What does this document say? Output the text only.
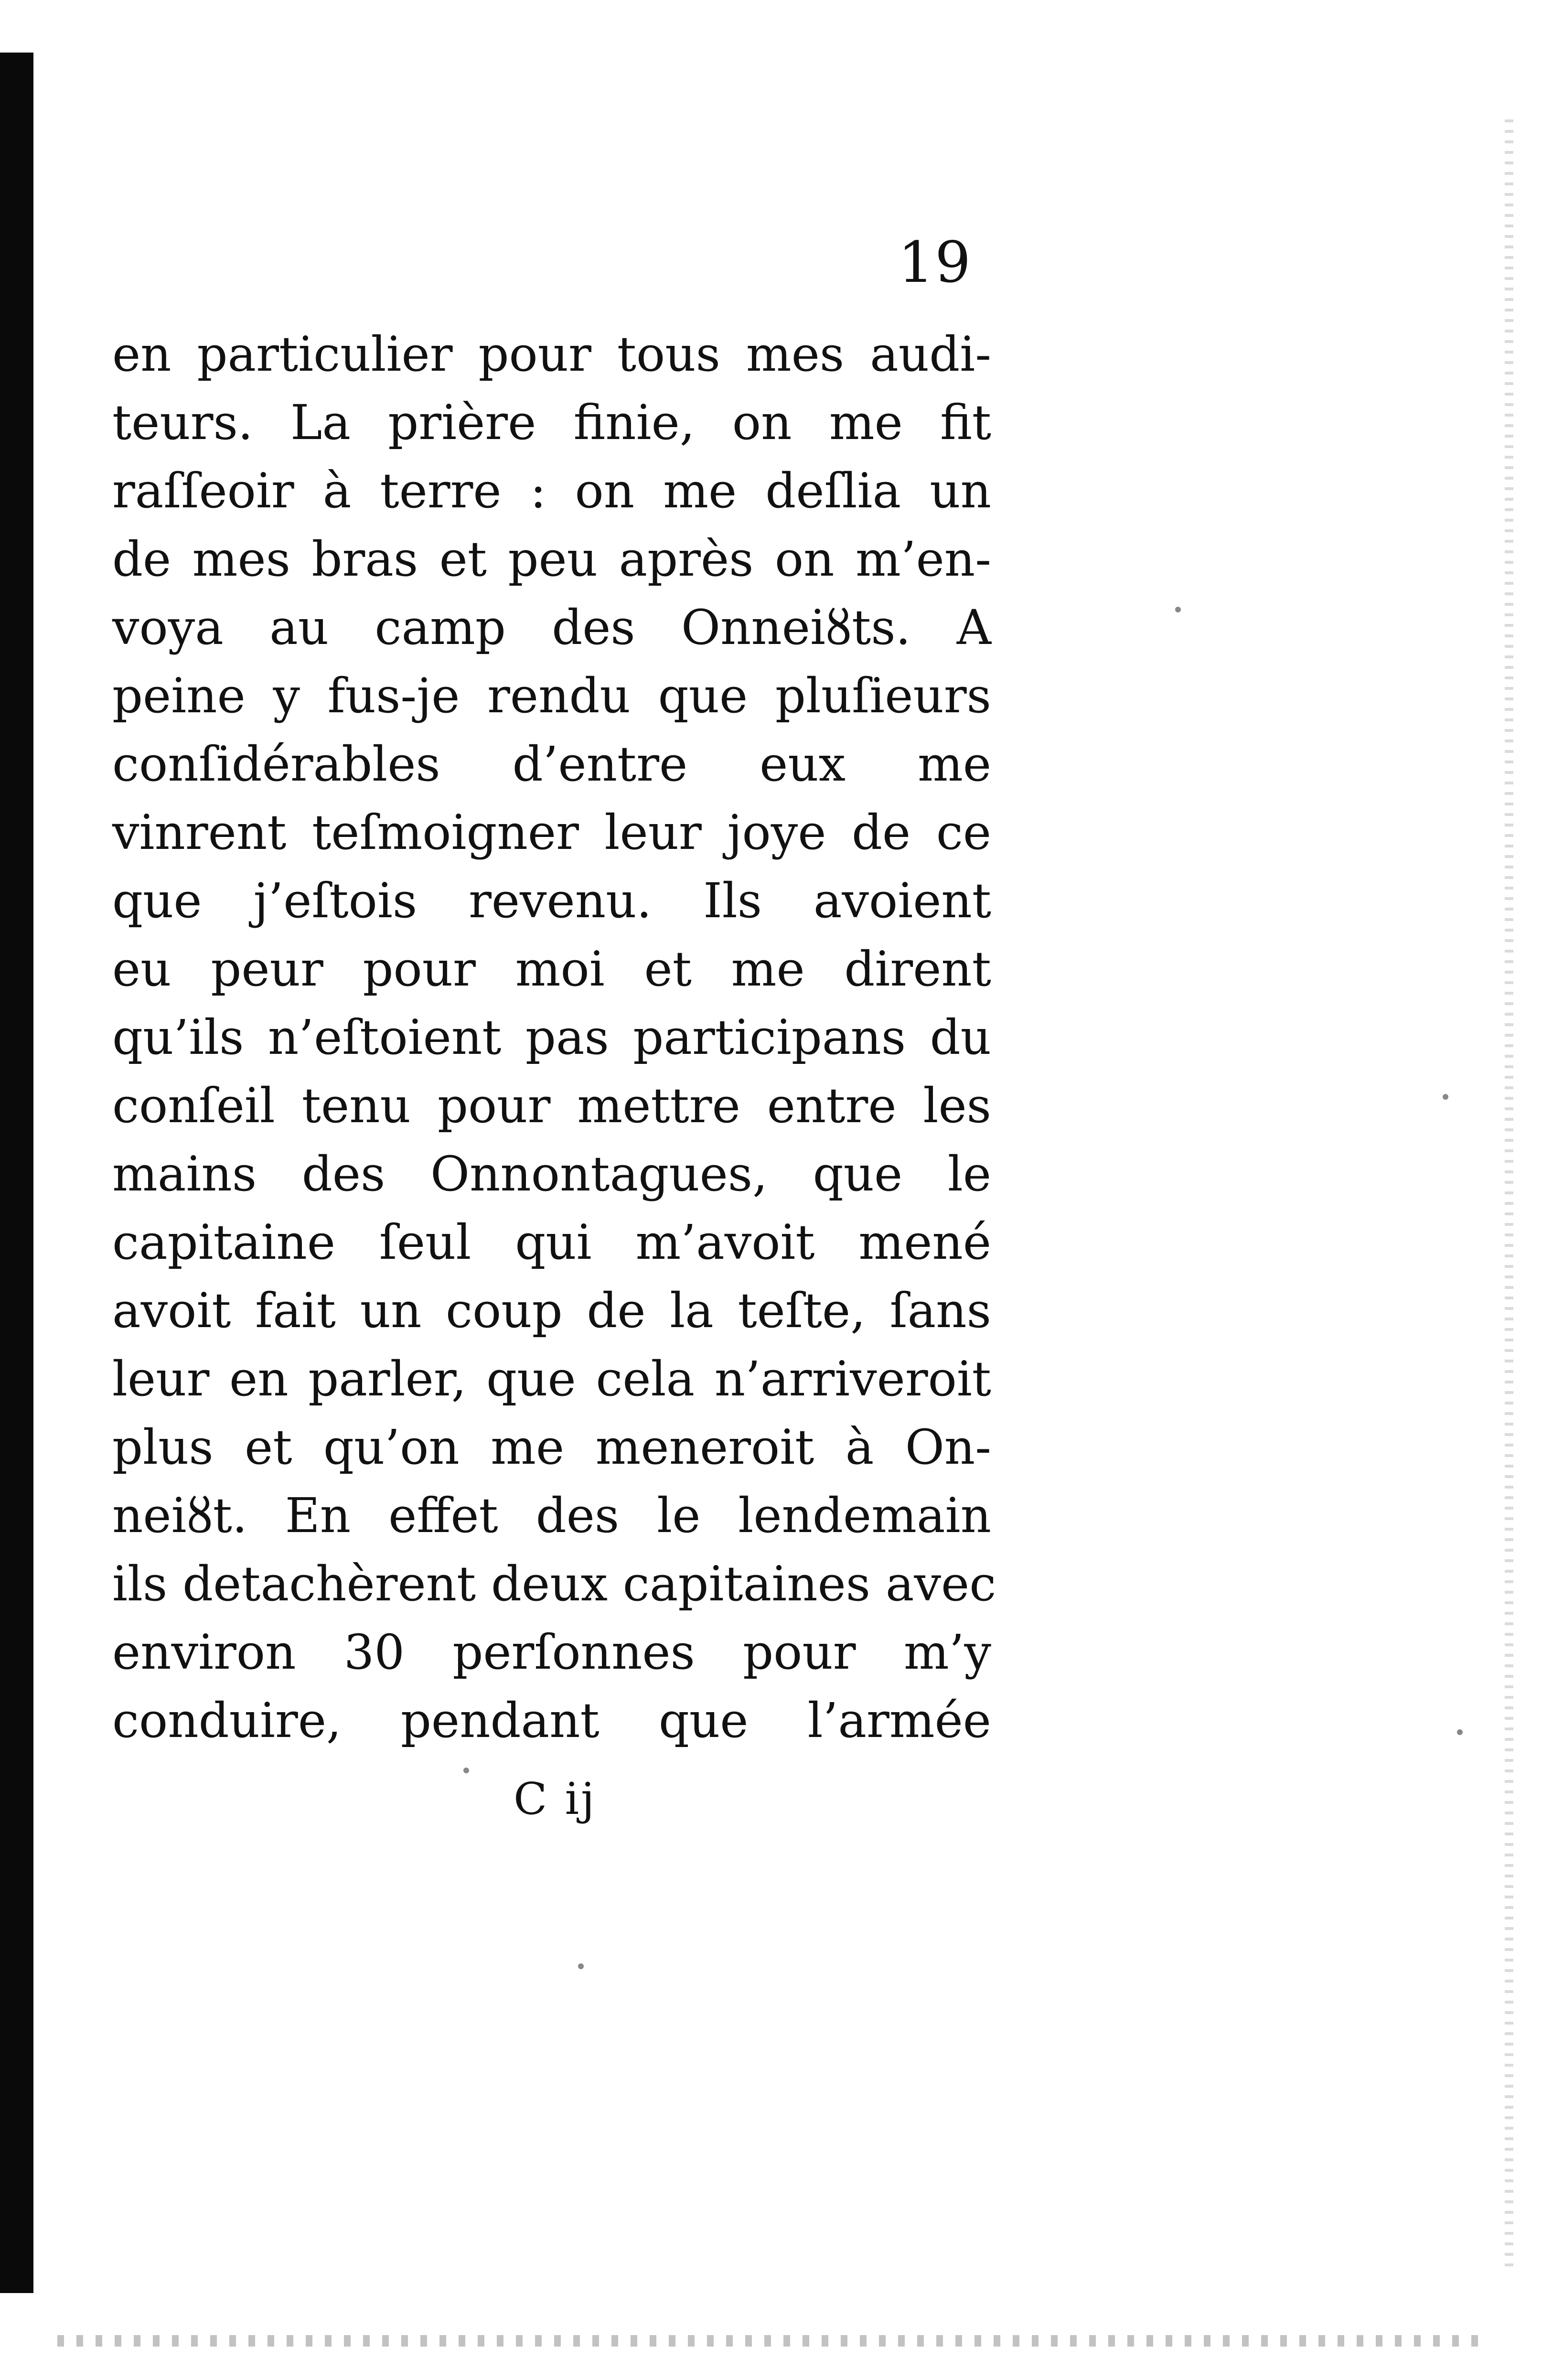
19
en particulier pour tous mes audi-
teurs. La prière finie, on me fit
raſſeoir à terre : on me deſlia un
de mes bras et peu après on m’en-
voya au camp des Onneiȣts. A
peine y fus-je rendu que pluſieurs
conſidérables d’entre eux me
vinrent teſmoigner leur joye de ce
que j’eſtois revenu. Ils avoient
eu peur pour moi et me dirent
qu’ils n’eſtoient pas participans du
conſeil tenu pour mettre entre les
mains des Onnontagues, que le
capitaine ſeul qui m’avoit mené
avoit fait un coup de la teſte, ſans
leur en parler, que cela n’arriveroit
plus et qu’on me meneroit à On-
neiȣt. En effet des le lendemain
ils detachèrent deux capitaines avec
environ 30 perſonnes pour m’y
conduire, pendant que l’armée
C ij
